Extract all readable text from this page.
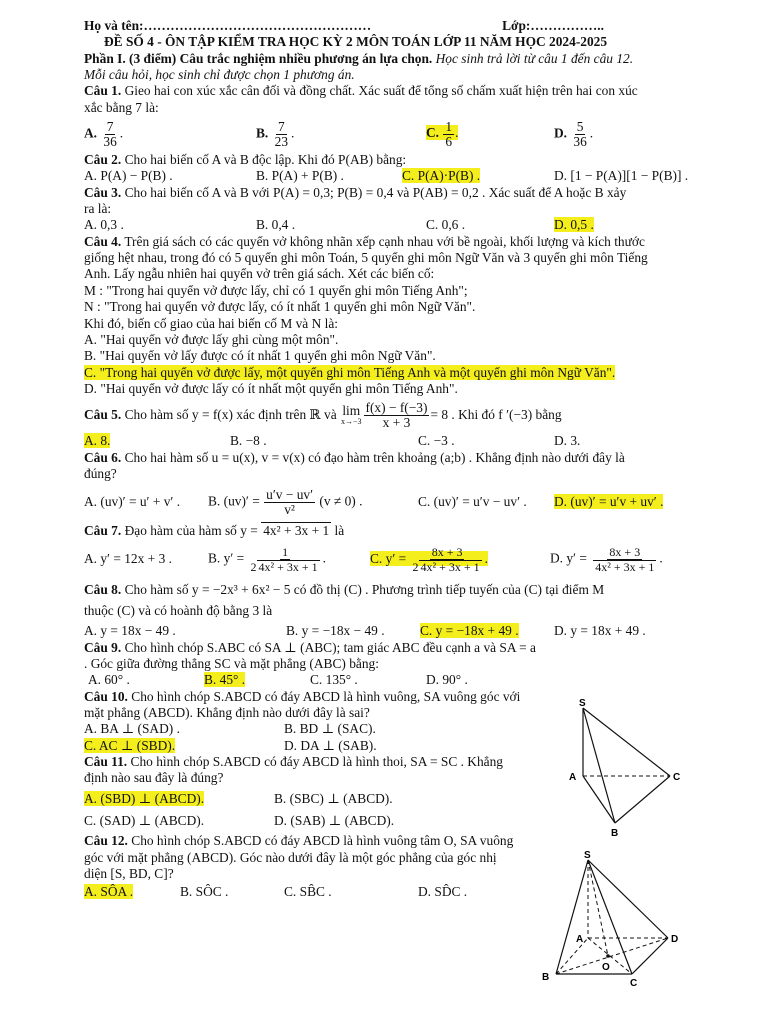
Họ và tên:……………………………………………	Lớp:……………..
ĐỀ SỐ 4 - ÔN TẬP KIỂM TRA HỌC KỲ 2 MÔN TOÁN LỚP 11 NĂM HỌC 2024-2025
Phần I. (3 điểm) Câu trắc nghiệm nhiều phương án lựa chọn. Học sinh trả lời từ câu 1 đến câu 12.
Mỗi câu hỏi, học sinh chỉ được chọn 1 phương án.
Câu 1. Gieo hai con xúc xắc cân đối và đồng chất. Xác suất để tổng số chấm xuất hiện trên hai con xúc
xắc bằng 7 là:
A. $\frac{7}{36}$ .	B. $\frac{7}{23}$ .	C. $\frac{1}{6}$ .	D. $\frac{5}{36}$ .
Câu 2. Cho hai biến cố A và B độc lập. Khi đó P(AB) bằng:
A. P(A) − P(B) .	B. P(A) + P(B) .	C. P(A)·P(B) .	D. [1 − P(A)][1 − P(B)] .
Câu 3. Cho hai biến cố A và B với P(A) = 0,3; P(B) = 0,4 và P(AB) = 0,2 . Xác suất để A hoặc B xảy
ra là:
A. 0,3 .	B. 0,4 .	C. 0,6 .	D. 0,5 .
Câu 4. Trên giá sách có các quyển vở không nhãn xếp cạnh nhau với bề ngoài, khối lượng và kích thước
giống hệt nhau, trong đó có 5 quyển ghi môn Toán, 5 quyển ghi môn Ngữ Văn và 3 quyển ghi môn Tiếng
Anh. Lấy ngẫu nhiên hai quyển vở trên giá sách. Xét các biến cố:
M : "Trong hai quyển vở được lấy, chỉ có 1 quyển ghi môn Tiếng Anh";
N : "Trong hai quyển vở được lấy, có ít nhất 1 quyển ghi môn Ngữ Văn".
Khi đó, biến cố giao của hai biến cố M và N là:
A. "Hai quyển vở được lấy ghi cùng một môn".
B. "Hai quyển vở lấy được có ít nhất 1 quyển ghi môn Ngữ Văn".
C. "Trong hai quyển vở được lấy, một quyển ghi môn Tiếng Anh và một quyển ghi môn Ngữ Văn".
D. "Hai quyển vở được lấy có ít nhất một quyển ghi môn Tiếng Anh".
Câu 5.
Cho hàm số y = f(x) xác định trên ℝ và
lim
$x\to-3 \frac{f(x) - f(-3)}{x + 3} = 8$ . Khi đó f ′(−3) bằng
A. 8.	B. −8 .	C. −3 .	D. 3.
Câu 6. Cho hai hàm số u = u(x), v = v(x) có đạo hàm trên khoảng (a;b) . Khẳng định nào dưới đây là
đúng?
A. (uv)′ = u′ + v′ .	B. $(uv)' = \frac{u'v - uv'}{\text{v²}} (v \ne 0)$ .	C. (uv)′ = u′v − uv′ .	D. (uv)′ = u′v + uv′ .
Câu 7. Đạo hàm của hàm số y = 4x² + 3x + 1 là
A. y′ = 12x + 3 .	B. $y' = \frac{1}{\text{2 4x² + 3x + 1}}$ .	C. $y' = \frac{8x + 3}{\text{2 4x² + 3x + 1}}$ .	D. $y' = \frac{8x + 3}{\text{4x² + 3x + 1}}$ .
Câu 8. Cho hàm số y = −2x³ + 6x² − 5 có đồ thị (C) . Phương trình tiếp tuyến của (C) tại điểm M
thuộc (C) và có hoành độ bằng 3 là
A. y = 18x − 49 .	B. y = −18x − 49 .	C. y = −18x + 49 .	D. y = 18x + 49 .
Câu 9. Cho hình chóp S.ABC có SA ⊥ (ABC); tam giác ABC đều cạnh a và SA = a
. Góc giữa đường thẳng SC và mặt phẳng (ABC) bằng:
A. 60° .	B. 45° .	C. 135° .	D. 90° .
Câu 10. Cho hình chóp S.ABCD có đáy ABCD là hình vuông, SA vuông góc với
mặt phẳng (ABCD). Khẳng định nào dưới đây là sai?
A. BA ⊥ (SAD) .	B. BD ⊥ (SAC).
C. AC ⊥ (SBD).	D. DA ⊥ (SAB).
Câu 11. Cho hình chóp S.ABCD có đáy ABCD là hình thoi, SA = SC . Khẳng
định nào sau đây là đúng?
A. (SBD) ⊥ (ABCD).	B. (SBC) ⊥ (ABCD).
C. (SAD) ⊥ (ABCD).	D. (SAB) ⊥ (ABCD).
Câu 12. Cho hình chóp S.ABCD có đáy ABCD là hình vuông tâm O, SA vuông
góc với mặt phẳng (ABCD). Góc nào dưới đây là một góc phẳng của góc nhị
diện [S, BD, C]?
A. SÔA .	B. SÔC .	C. SB̂C .	D. SD̂C .
S
A
B
C
S
A
B
C
D
O
